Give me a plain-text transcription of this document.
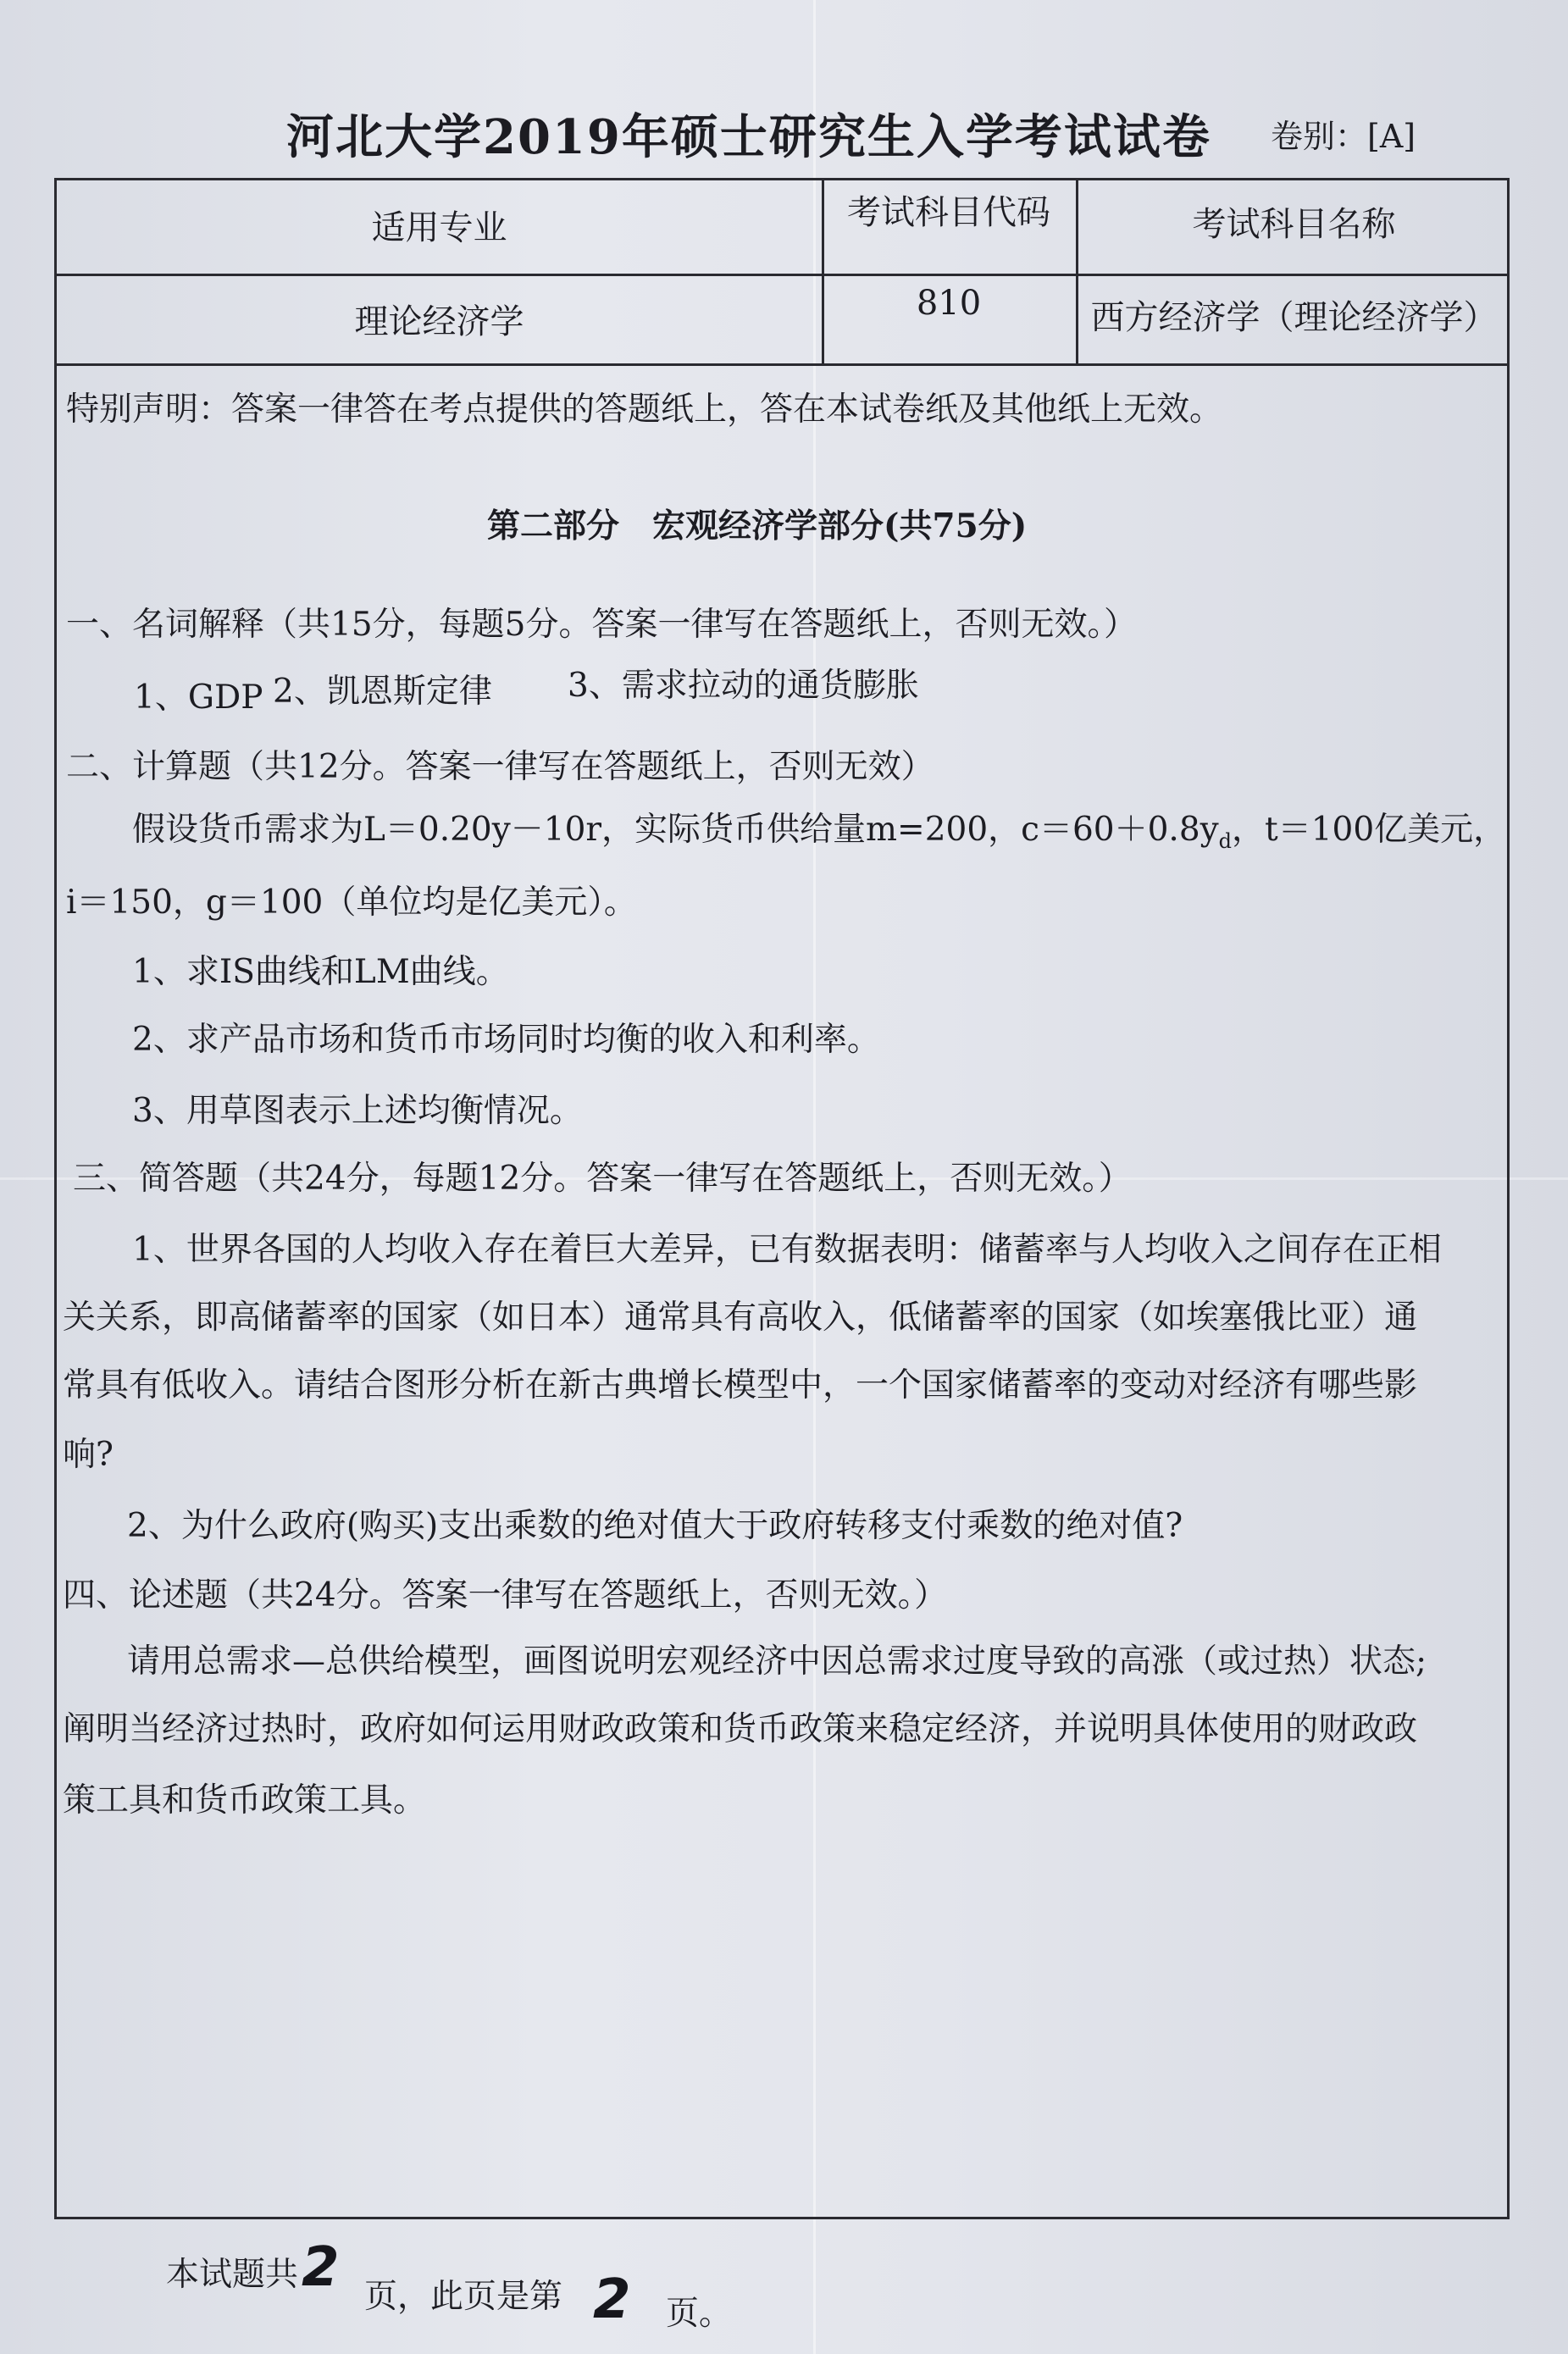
河北大学2019年硕士研究生入学考试试卷 卷别：[A]
适用专业	考试科目代码	考试科目名称
理论经济学	810	西方经济学（理论经济学）
特别声明：答案一律答在考点提供的答题纸上，答在本试卷纸及其他纸上无效。
第二部分　宏观经济学部分(共75分)
一、名词解释（共15分，每题5分。答案一律写在答题纸上，否则无效。）
1、GDP 2、凯恩斯定律 3、需求拉动的通货膨胀
二、计算题（共12分。答案一律写在答题纸上，否则无效）
假设货币需求为L＝0.20y－10r，实际货币供给量m=200，$c=60+0.8y_d$，t＝100亿美元，
i＝150，g＝100（单位均是亿美元）。
1、求IS曲线和LM曲线。
2、求产品市场和货币市场同时均衡的收入和利率。
3、用草图表示上述均衡情况。
三、简答题（共24分，每题12分。答案一律写在答题纸上，否则无效。）
1、世界各国的人均收入存在着巨大差异，已有数据表明：储蓄率与人均收入之间存在正相
关关系，即高储蓄率的国家（如日本）通常具有高收入，低储蓄率的国家（如埃塞俄比亚）通
常具有低收入。请结合图形分析在新古典增长模型中，一个国家储蓄率的变动对经济有哪些影
响?
2、为什么政府(购买)支出乘数的绝对值大于政府转移支付乘数的绝对值?
四、论述题（共24分。答案一律写在答题纸上，否则无效。）
请用总需求—总供给模型，画图说明宏观经济中因总需求过度导致的高涨（或过热）状态;
阐明当经济过热时，政府如何运用财政政策和货币政策来稳定经济，并说明具体使用的财政政
策工具和货币政策工具。
本试题共 2 页，此页是第 2 页。
